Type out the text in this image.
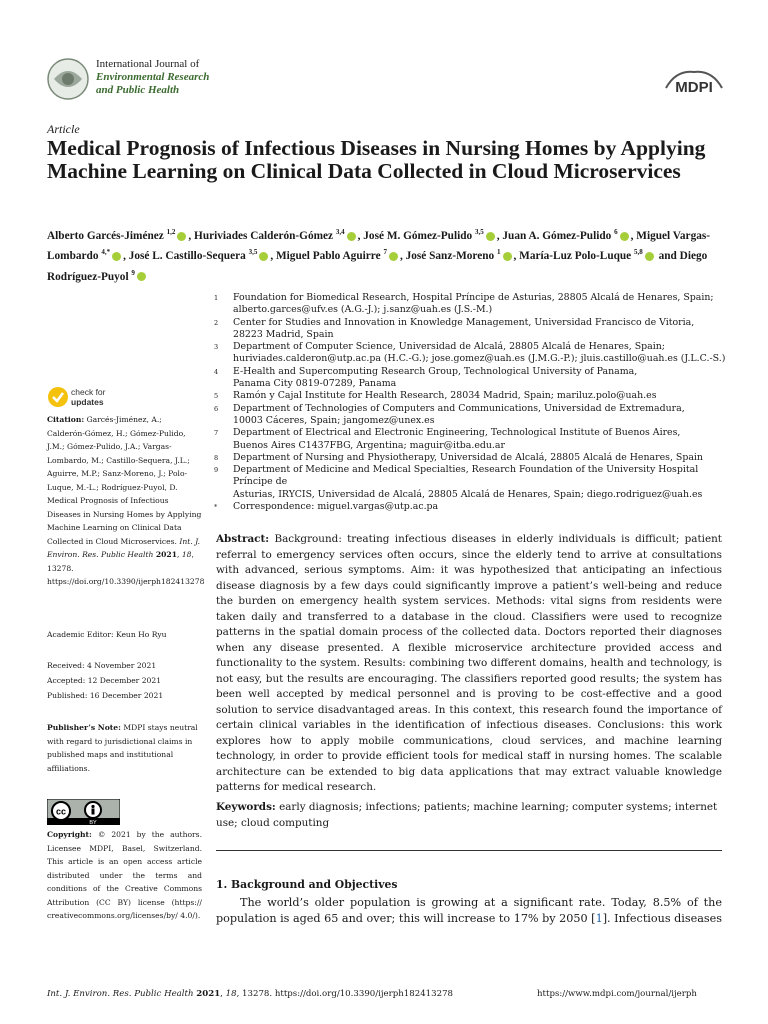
International Journal of
Environmental Research
and Public Health	MDPI
Article
Medical Prognosis of Infectious Diseases in Nursing Homes by Applying Machine Learning on Clinical Data Collected in Cloud Microservices
Alberto Garcés-Jiménez $^{1,2}$ , Huriviades Calderón-Gómez $^{3,4}$ , José M. Gómez-Pulido $^{3,5}$ , Juan A. Gómez-Pulido $^6$ , Miguel Vargas-Lombardo $^{4,*}$ , José L. Castillo-Sequera $^{3,5}$ , Miguel Pablo Aguirre $^7$ , José Sanz-Moreno $^1$ , María-Luz Polo-Luque $^{5,8}$ and Diego Rodríguez-Puyol $^9$
1	Foundation for Biomedical Research, Hospital Príncipe de Asturias, 28805 Alcalá de Henares, Spain;
alberto.garces@ufv.es (A.G.-J.); j.sanz@uah.es (J.S.-M.)
2	Center for Studies and Innovation in Knowledge Management, Universidad Francisco de Vitoria,
28223 Madrid, Spain
3	Department of Computer Science, Universidad de Alcalá, 28805 Alcalá de Henares, Spain;
huriviades.calderon@utp.ac.pa (H.C.-G.); jose.gomez@uah.es (J.M.G.-P.); jluis.castillo@uah.es (J.L.C.-S.)
4	E-Health and Supercomputing Research Group, Technological University of Panama,
Panama City 0819-07289, Panama
5	Ramón y Cajal Institute for Health Research, 28034 Madrid, Spain; mariluz.polo@uah.es
6	Department of Technologies of Computers and Communications, Universidad de Extremadura,
10003 Cáceres, Spain; jangomez@unex.es
7	Department of Electrical and Electronic Engineering, Technological Institute of Buenos Aires,
Buenos Aires C1437FBG, Argentina; maguir@itba.edu.ar
8	Department of Nursing and Physiotherapy, Universidad de Alcalá, 28805 Alcalá de Henares, Spain
9	Department of Medicine and Medical Specialties, Research Foundation of the University Hospital Príncipe de
Asturias, IRYCIS, Universidad de Alcalá, 28805 Alcalá de Henares, Spain; diego.rodriguez@uah.es
*	Correspondence: miguel.vargas@utp.ac.pa
check for
updates
Citation: Garcés-Jiménez, A.; Calderón-Gómez, H.; Gómez-Pulido, J.M.; Gómez-Pulido, J.A.; Vargas-Lombardo, M.; Castillo-Sequera, J.L.; Aguirre, M.P.; Sanz-Moreno, J.; Polo-Luque, M.-L.; Rodríguez-Puyol, D. Medical Prognosis of Infectious Diseases in Nursing Homes by Applying Machine Learning on Clinical Data Collected in Cloud Microservices. Int. J. Environ. Res. Public Health 2021, 18, 13278. https://doi.org/10.3390/ijerph182413278
Academic Editor: Keun Ho Ryu
Received: 4 November 2021
Accepted: 12 December 2021
Published: 16 December 2021
Publisher’s Note: MDPI stays neutral with regard to jurisdictional claims in published maps and institutional affiliations.
cc
BY
Copyright: © 2021 by the authors. Licensee MDPI, Basel, Switzerland. This article is an open access article distributed under the terms and conditions of the Creative Commons Attribution (CC BY) license (https:// creativecommons.org/licenses/by/ 4.0/).
Abstract: Background: treating infectious diseases in elderly individuals is difficult; patient referral to emergency services often occurs, since the elderly tend to arrive at consultations with advanced, serious symptoms. Aim: it was hypothesized that anticipating an infectious disease diagnosis by a few days could significantly improve a patient’s well-being and reduce the burden on emergency health system services. Methods: vital signs from residents were taken daily and transferred to a database in the cloud. Classifiers were used to recognize patterns in the spatial domain process of the collected data. Doctors reported their diagnoses when any disease presented. A flexible microservice architecture provided access and functionality to the system. Results: combining two different domains, health and technology, is not easy, but the results are encouraging. The classifiers reported good results; the system has been well accepted by medical personnel and is proving to be cost-effective and a good solution to service disadvantaged areas. In this context, this research found the importance of certain clinical variables in the identification of infectious diseases. Conclusions: this work explores how to apply mobile communications, cloud services, and machine learning technology, in order to provide efficient tools for medical staff in nursing homes. The scalable architecture can be extended to big data applications that may extract valuable knowledge patterns for medical research.
Keywords: early diagnosis; infections; patients; machine learning; computer systems; internet use; cloud computing
1. Background and Objectives
The world’s older population is growing at a significant rate. Today, 8.5% of the population is aged 65 and over; this will increase to 17% by 2050 [1]. Infectious diseases
Int. J. Environ. Res. Public Health 2021, 18, 13278. https://doi.org/10.3390/ijerph182413278	https://www.mdpi.com/journal/ijerph
